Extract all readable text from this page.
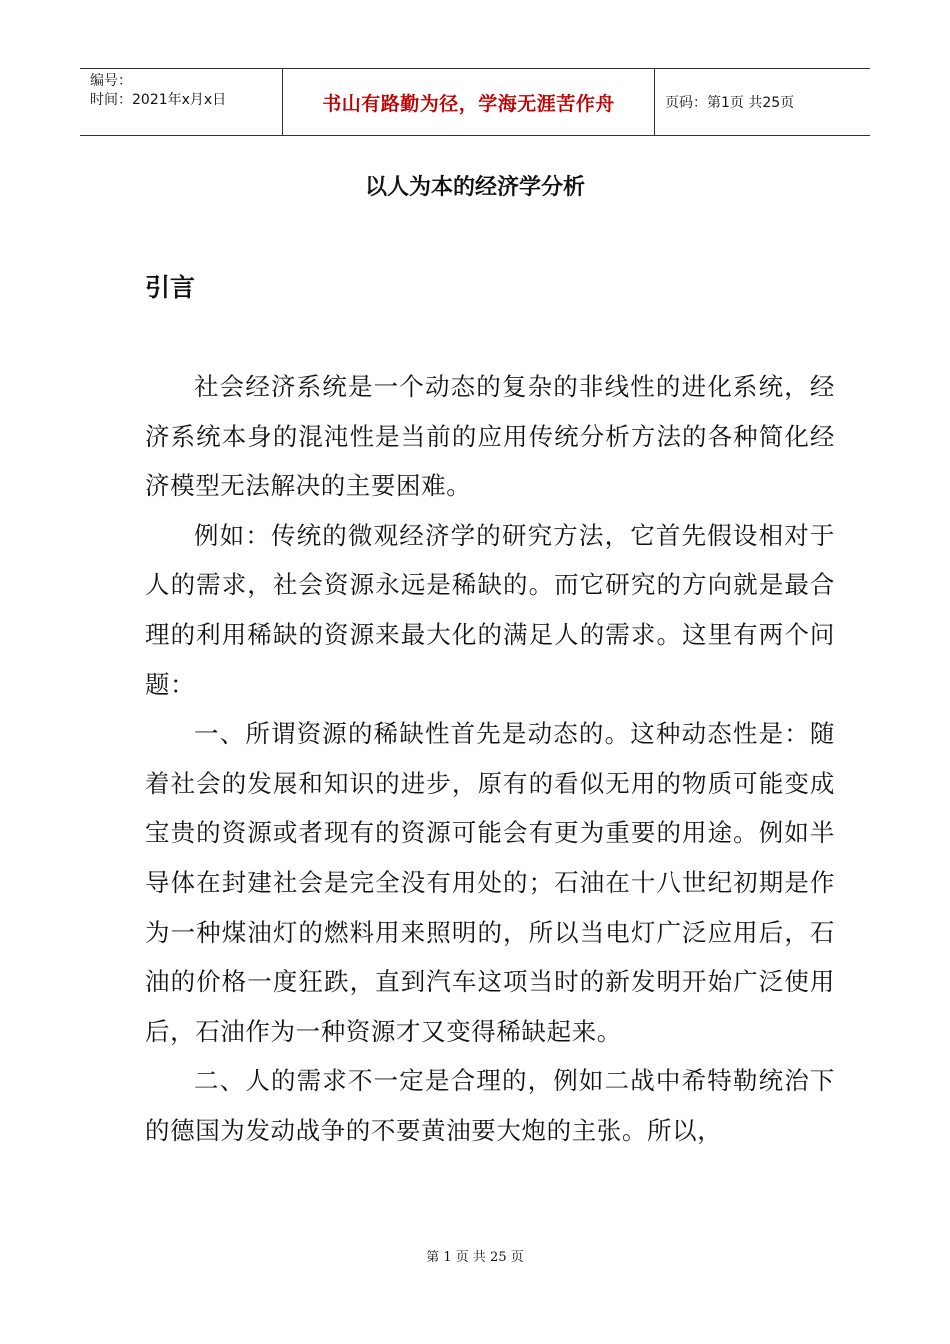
编号：
时间：2021年x月x日	书山有路勤为径，学海无涯苦作舟	页码：第1页 共25页
以人为本的经济学分析
引言

社会经济系统是一个动态的复杂的非线性的进化系统，经济系统本身的混沌性是当前的应用传统分析方法的各种简化经济模型无法解决的主要困难。

例如：传统的微观经济学的研究方法，它首先假设相对于人的需求，社会资源永远是稀缺的。而它研究的方向就是最合理的利用稀缺的资源来最大化的满足人的需求。这里有两个问题：

一、所谓资源的稀缺性首先是动态的。这种动态性是：随着社会的发展和知识的进步，原有的看似无用的物质可能变成宝贵的资源或者现有的资源可能会有更为重要的用途。例如半导体在封建社会是完全没有用处的；石油在十八世纪初期是作为一种煤油灯的燃料用来照明的，所以当电灯广泛应用后，石油的价格一度狂跌，直到汽车这项当时的新发明开始广泛使用后，石油作为一种资源才又变得稀缺起来。

二、人的需求不一定是合理的，例如二战中希特勒统治下的德国为发动战争的不要黄油要大炮的主张。所以，

第 1 页 共 25 页
